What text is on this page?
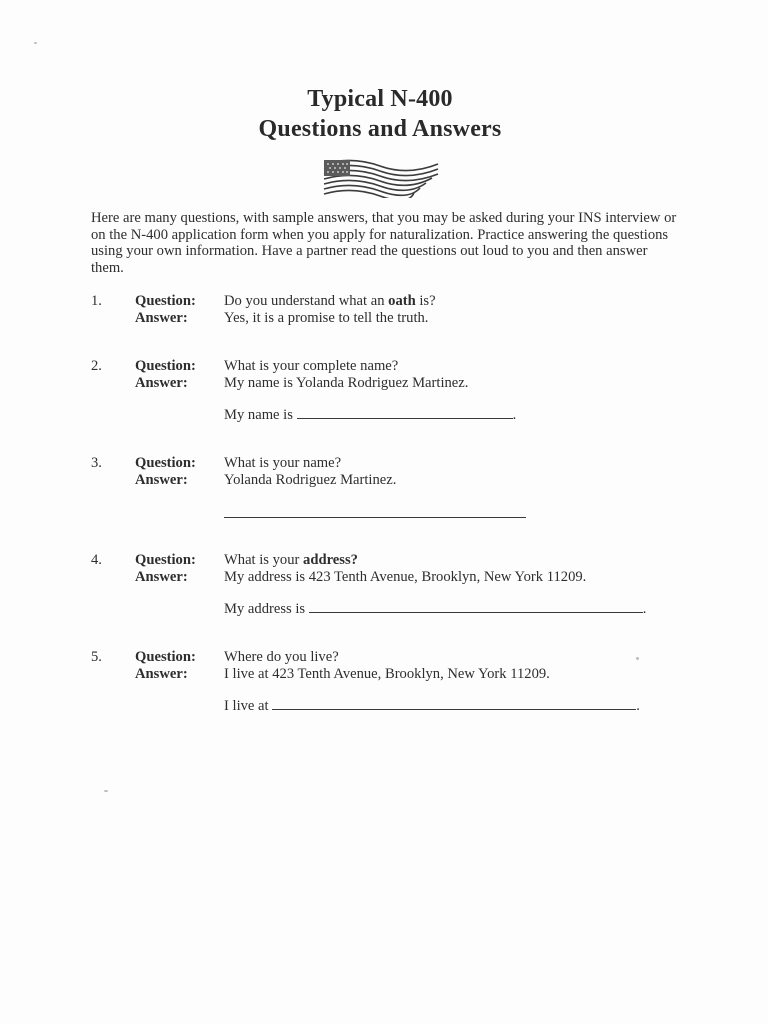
Typical N-400
Questions and Answers
Here are many questions, with sample answers, that you may be asked during your INS interview or on the N-400 application form when you apply for naturalization. Practice answering the questions using your own information. Have a partner read the questions out loud to you and then answer them.
1. Question: Do you understand what an oath is?
Answer: Yes, it is a promise to tell the truth.
2. Question: What is your complete name?
Answer: My name is Yolanda Rodriguez Martinez.
My name is	.
3. Question: What is your name?
Answer: Yolanda Rodriguez Martinez.
4. Question: What is your address?
Answer: My address is 423 Tenth Avenue, Brooklyn, New York 11209.
My address is	.
5. Question: Where do you live?
Answer: I live at 423 Tenth Avenue, Brooklyn, New York 11209.
I live at	.
